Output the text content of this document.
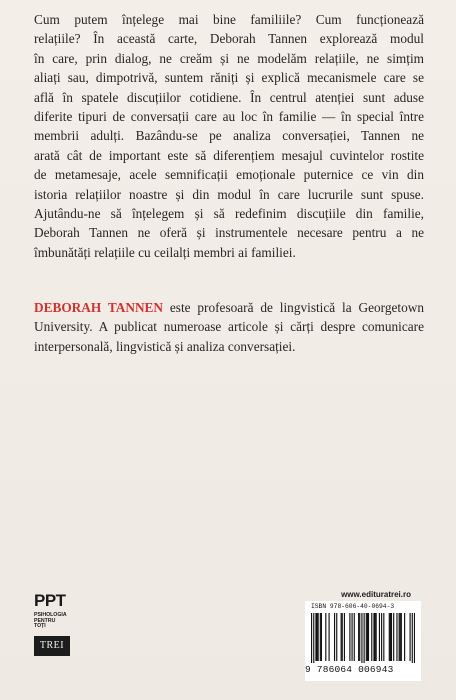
Cum putem înțelege mai bine familiile? Cum funcționează
relațiile? În această carte, Deborah Tannen explorează modul
în care, prin dialog, ne creăm și ne modelăm relațiile, ne simțim
aliați sau, dimpotrivă, suntem răniți și explică mecanismele care se
află în spatele discuțiilor cotidiene. În centrul atenției sunt aduse
diferite tipuri de conversații care au loc în familie — în special între
membrii adulți. Bazându-se pe analiza conversației, Tannen ne
arată cât de important este să diferențiem mesajul cuvintelor rostite
de metamesaje, acele semnificații emoționale puternice ce vin din
istoria relațiilor noastre și din modul în care lucrurile sunt spuse.
Ajutându-ne să înțelegem și să redefinim discuțiile din familie,
Deborah Tannen ne oferă și instrumentele necesare pentru a ne
îmbunătăți relațiile cu ceilalți membri ai familiei.

DEBORAH TANNEN este profesoară de lingvistică la Georgetown
University. A publicat numeroase articole și cărți despre comunicare
interpersonală, lingvistică și analiza conversației.
PPT
PSIHOLOGIA
PENTRU
TOȚI
TREI
www.edituratrei.ro
ISBN 978-606-40-0694-3
9 786064 006943
